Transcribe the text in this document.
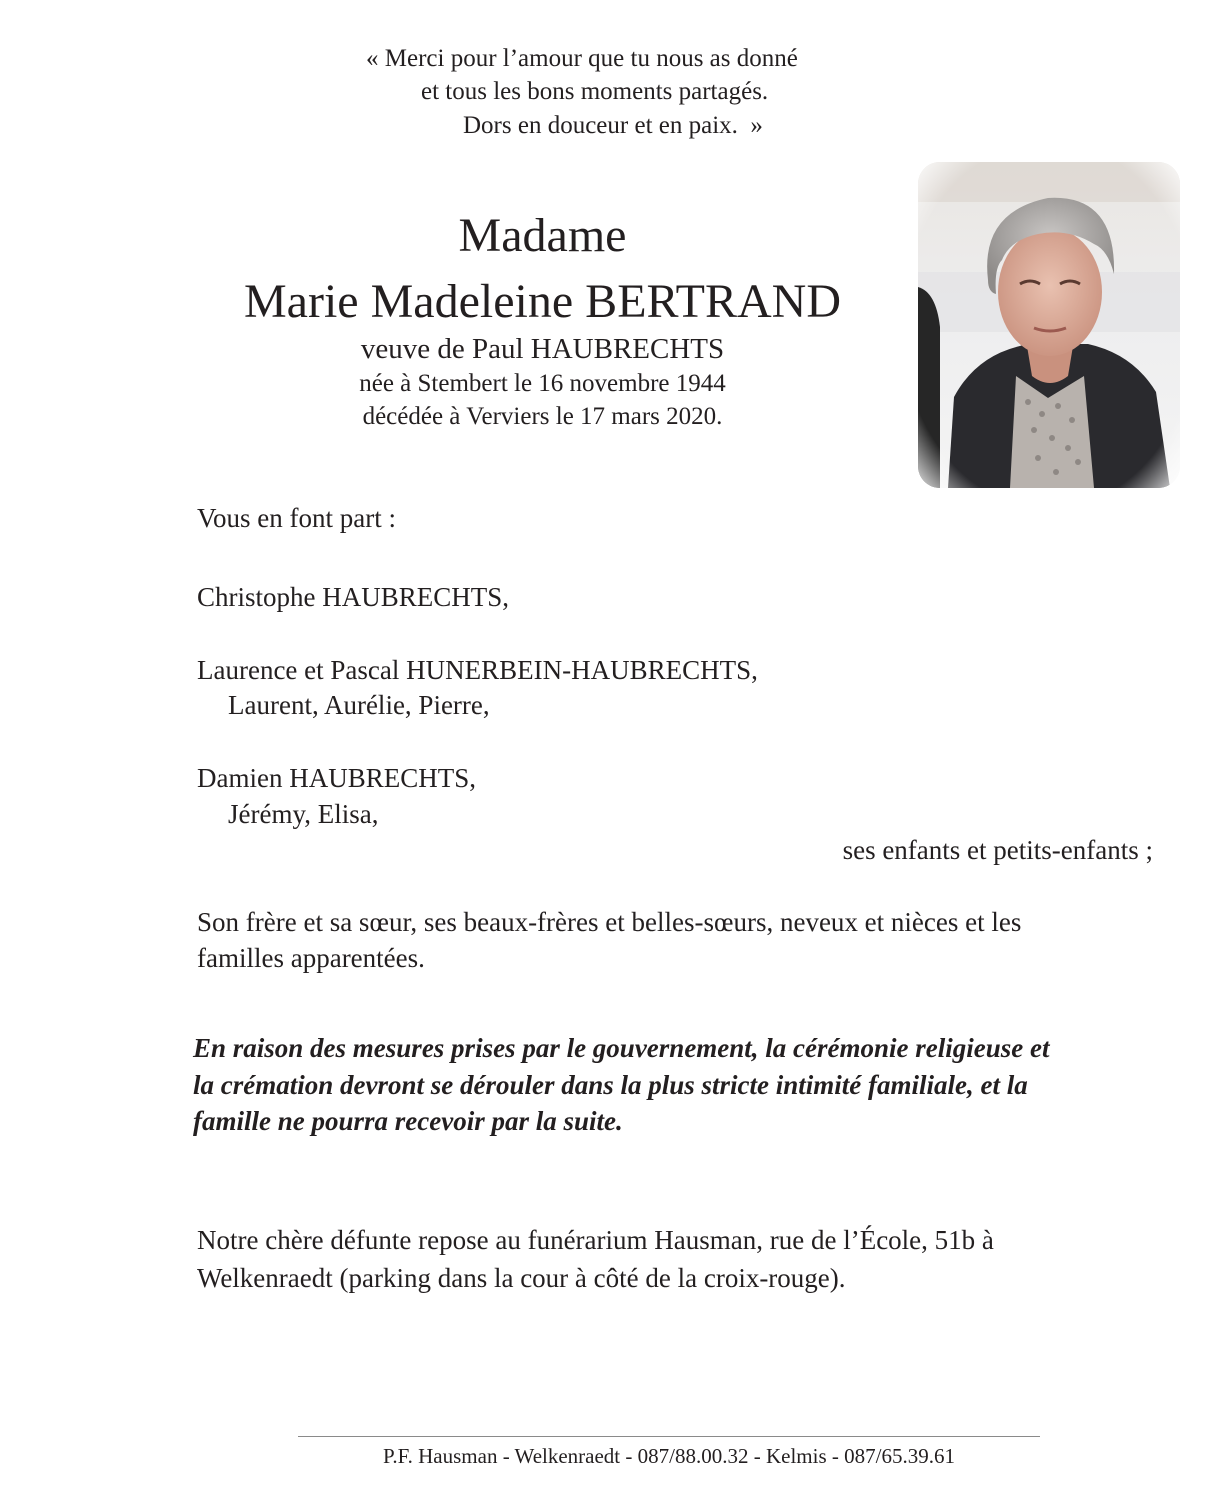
« Merci pour l’amour que tu nous as donné
et tous les bons moments partagés.
Dors en douceur et en paix.  »
Madame
Marie Madeleine BERTRAND
veuve de Paul HAUBRECHTS
née à Stembert le 16 novembre 1944
décédée à Verviers le 17 mars 2020.
Vous en font part :
Christophe HAUBRECHTS,
Laurence et Pascal HUNERBEIN-HAUBRECHTS,
Laurent, Aurélie, Pierre,
Damien HAUBRECHTS,
Jérémy, Elisa,
ses enfants et petits-enfants ;
Son frère et sa sœur, ses beaux-frères et belles-sœurs, neveux et nièces et les
familles apparentées.
En raison des mesures prises par le gouvernement, la cérémonie religieuse et
la crémation devront se dérouler dans la plus stricte intimité familiale, et la
famille ne pourra recevoir par la suite.
Notre chère défunte repose au funérarium Hausman, rue de l’École, 51b à
Welkenraedt (parking dans la cour à côté de la croix-rouge).
P.F. Hausman - Welkenraedt - 087/88.00.32 - Kelmis - 087/65.39.61
